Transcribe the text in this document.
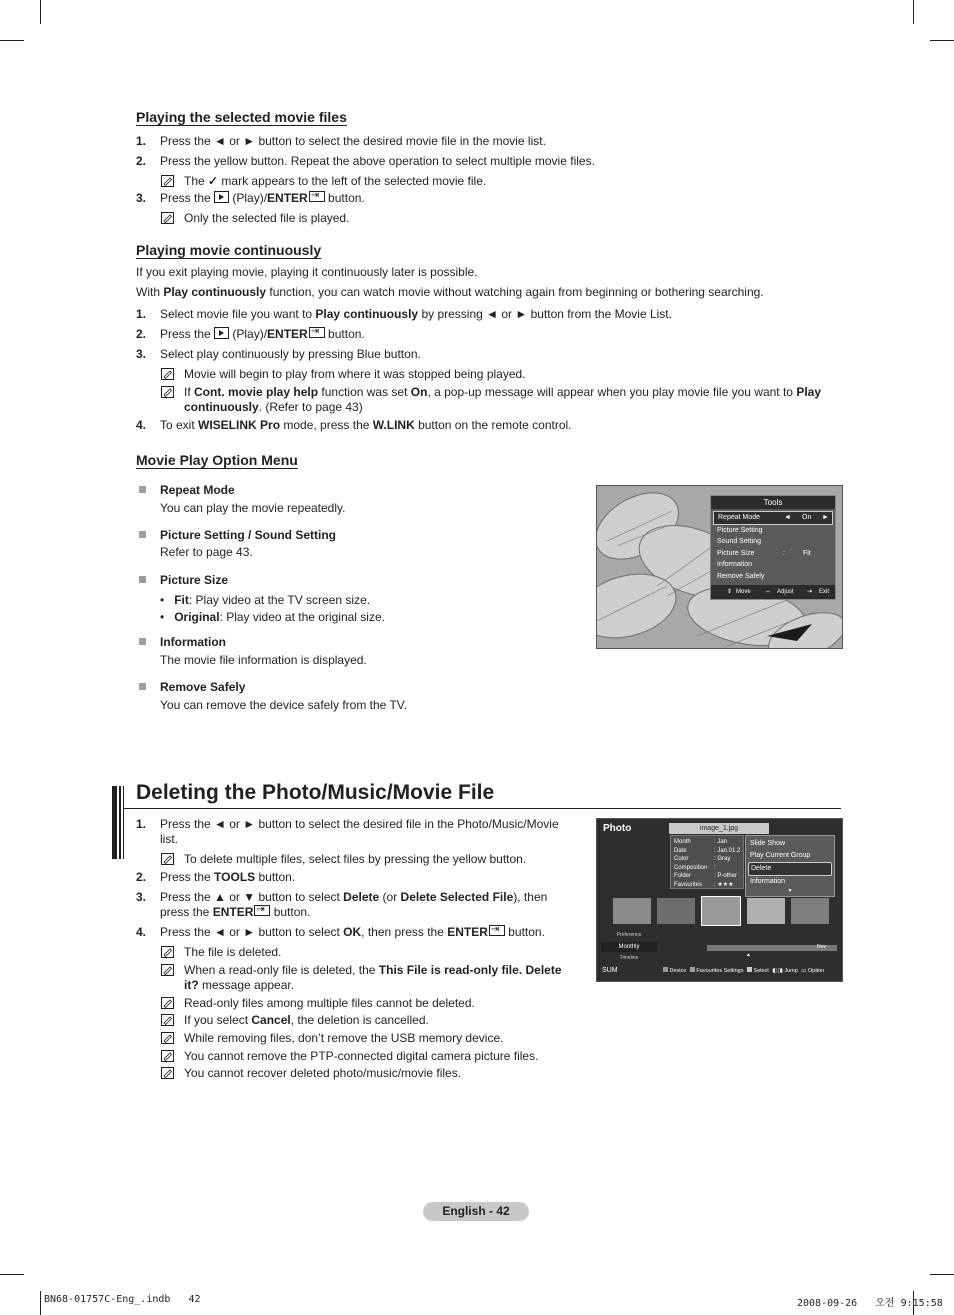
Playing the selected movie files
1. Press the ◄ or ► button to select the desired movie file in the movie list.
2. Press the yellow button. Repeat the above operation to select multiple movie files.
The ✓ mark appears to the left of the selected movie file.
3. Press the  (Play)/ENTER⇥ button.
Only the selected file is played.
Playing movie continuously
If you exit playing movie, playing it continuously later is possible.
With Play continuously function, you can watch movie without watching again from beginning or bothering searching.
1. Select movie file you want to Play continuously by pressing ◄ or ► button from the Movie List.
2. Press the  (Play)/ENTER⇥ button.
3. Select play continuously by pressing Blue button.
Movie will begin to play from where it was stopped being played.
If Cont. movie play help function was set On, a pop-up message will appear when you play movie file you want to Play
continuously. (Refer to page 43)
4. To exit WISELINK Pro mode, press the W.LINK button on the remote control.
Movie Play Option Menu
Repeat Mode
You can play the movie repeatedly.
Picture Setting / Sound Setting
Refer to page 43.
Picture Size
•   Fit: Play video at the TV screen size.
•   Original: Play video at the original size.
Information
The movie file information is displayed.
Remove Safely
You can remove the device safely from the TV.
Tools
Repeat Mode	◄ On ►
Picture Setting
Sound Setting
Picture Size	:	Fit
Information
Remove Safely
⇕ Move ⇔ Adjust ⇥ Exit
Deleting the Photo/Music/Movie File
1. Press the ◄ or ► button to select the desired file in the Photo/Music/Movie
list.
To delete multiple files, select files by pressing the yellow button.
2. Press the TOOLS button.
3. Press the ▲ or ▼ button to select Delete (or Delete Selected File), then
press the ENTER⇥ button.
4. Press the ◄ or ► button to select OK, then press the ENTER⇥ button.
The file is deleted.
When a read-only file is deleted, the This File is read-only file. Delete
it? message appear.
Read-only files among multiple files cannot be deleted.
If you select Cancel, the deletion is cancelled.
While removing files, don’t remove the USB memory device.
You cannot remove the PTP-connected digital camera picture files.
You cannot recover deleted photo/music/movie files.
Photo	image_1.jpg
Month	: Jan
Date	: Jan.01.2
Color	: Gray
Composition :
Folder	: P-other
Favourites : ★★★
Slide Show
Play Current Group
Delete
Information
▼
Preference
Monthly
Timeline
Nov
▲
SUM	Device Favourites Settings Select ◧◨ Jump ▭ Option
English - 42
BN68-01757C-Eng_.indb   42	2008-09-26   오전 9:15:58
